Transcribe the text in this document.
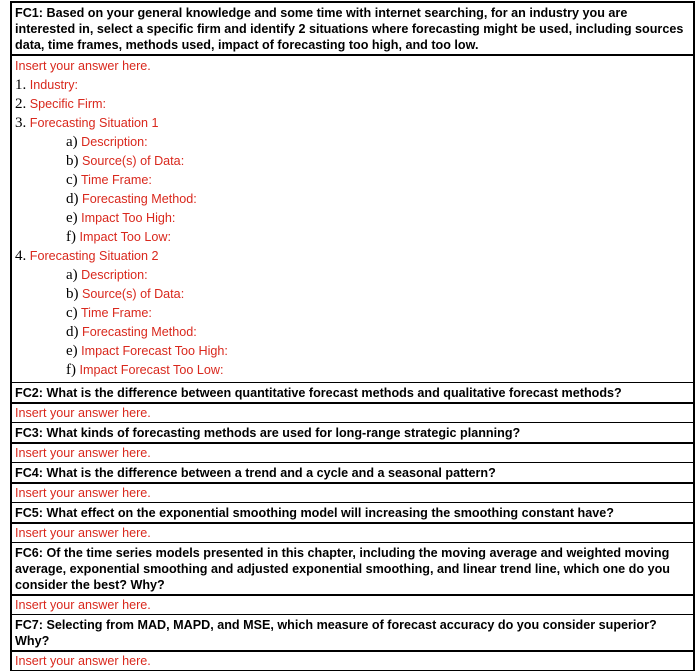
FC1: Based on your general knowledge and some time with internet searching, for an industry you are interested in, select a specific firm and identify 2 situations where forecasting might be used, including sources data, time frames, methods used, impact of forecasting too high, and too low.
Insert your answer here.
1. Industry:
2. Specific Firm:
3. Forecasting Situation 1
a) Description:
b) Source(s) of Data:
c) Time Frame:
d) Forecasting Method:
e) Impact Too High:
f) Impact Too Low:
4. Forecasting Situation 2
a) Description:
b) Source(s) of Data:
c) Time Frame:
d) Forecasting Method:
e) Impact Forecast Too High:
f) Impact Forecast Too Low:
FC2: What is the difference between quantitative forecast methods and qualitative forecast methods?
Insert your answer here.
FC3: What kinds of forecasting methods are used for long-range strategic planning?
Insert your answer here.
FC4: What is the difference between a trend and a cycle and a seasonal pattern?
Insert your answer here.
FC5: What effect on the exponential smoothing model will increasing the smoothing constant have?
Insert your answer here.
FC6: Of the time series models presented in this chapter, including the moving average and weighted moving average, exponential smoothing and adjusted exponential smoothing, and linear trend line, which one do you consider the best? Why?
Insert your answer here.
FC7: Selecting from MAD, MAPD, and MSE, which measure of forecast accuracy do you consider superior? Why?
Insert your answer here.
